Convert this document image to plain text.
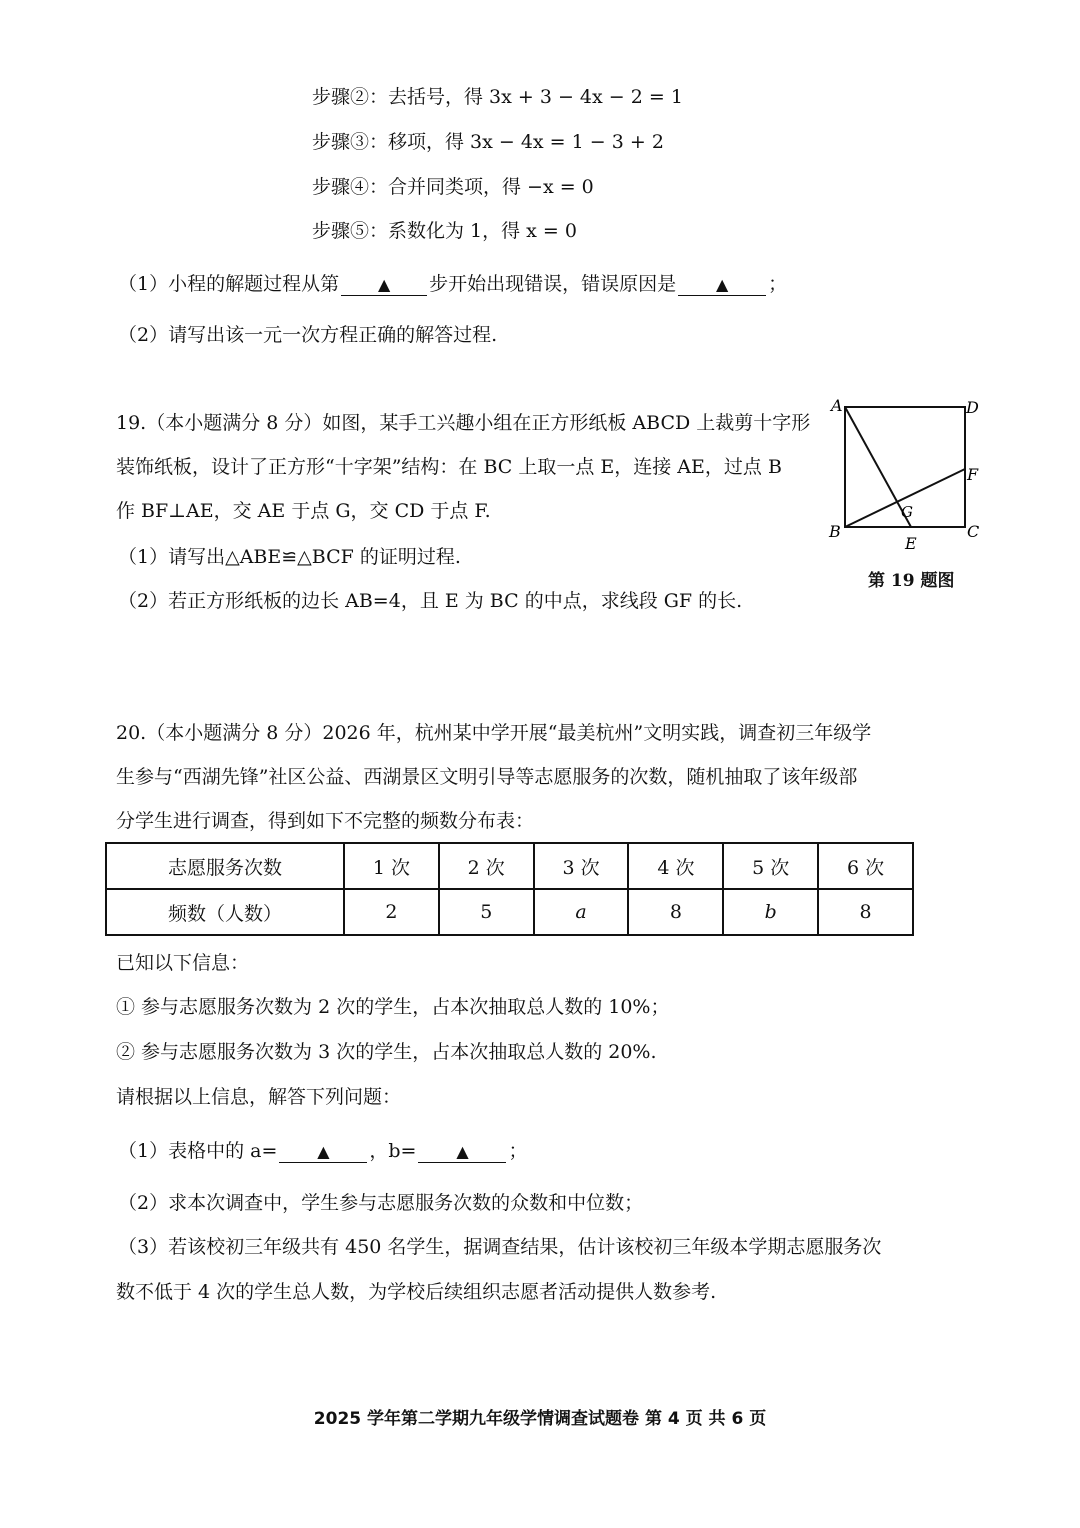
步骤②：去括号，得 3x + 3 − 4x − 2 = 1
步骤③：移项，得 3x − 4x = 1 − 3 + 2
步骤④：合并同类项，得 −x = 0
步骤⑤：系数化为 1，得 x = 0
（1）小程的解题过程从第 ▲ 步开始出现错误，错误原因是 ▲ ；
（2）请写出该一元一次方程正确的解答过程.
19.（本小题满分 8 分）如图，某手工兴趣小组在正方形纸板 ABCD 上裁剪十字形
装饰纸板，设计了正方形“十字架”结构：在 BC 上取一点 E，连接 AE，过点 B
作 BF⊥AE，交 AE 于点 G，交 CD 于点 F.
（1）请写出△ABE≌△BCF 的证明过程.
（2）若正方形纸板的边长 AB=4，且 E 为 BC 的中点，求线段 GF 的长.
A	D
F
G
B	C
E
第 19 题图
20.（本小题满分 8 分）2026 年，杭州某中学开展“最美杭州”文明实践，调查初三年级学
生参与“西湖先锋”社区公益、西湖景区文明引导等志愿服务的次数，随机抽取了该年级部
分学生进行调查，得到如下不完整的频数分布表：
志愿服务次数	1 次	2 次	3 次	4 次	5 次	6 次
频数（人数）	2	5	a	8	b	8
已知以下信息：
① 参与志愿服务次数为 2 次的学生，占本次抽取总人数的 10%；
② 参与志愿服务次数为 3 次的学生，占本次抽取总人数的 20%.
请根据以上信息，解答下列问题：
（1）表格中的 a= ▲ ，b= ▲ ；
（2）求本次调查中，学生参与志愿服务次数的众数和中位数；
（3）若该校初三年级共有 450 名学生，据调查结果，估计该校初三年级本学期志愿服务次
数不低于 4 次的学生总人数，为学校后续组织志愿者活动提供人数参考.
2025 学年第二学期九年级学情调查试题卷 第 4 页 共 6 页
